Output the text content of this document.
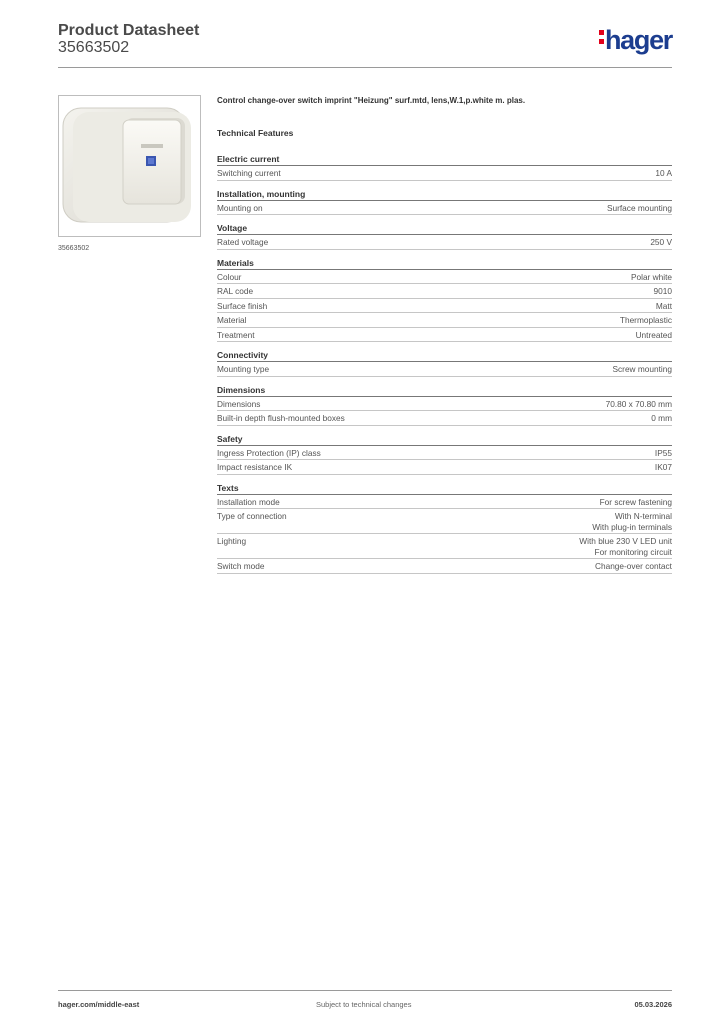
Product Datasheet
35663502	hager
35663502
Control change-over switch imprint "Heizung" surf.mtd, lens,W.1,p.white m. plas.
Technical Features
Electric current
Switching current	10 A
Installation, mounting
Mounting on	Surface mounting
Voltage
Rated voltage	250 V
Materials
Colour	Polar white
RAL code	9010
Surface finish	Matt
Material	Thermoplastic
Treatment	Untreated
Connectivity
Mounting type	Screw mounting
Dimensions
Dimensions	70.80 x 70.80 mm
Built-in depth flush-mounted boxes	0 mm
Safety
Ingress Protection (IP) class	IP55
Impact resistance IK	IK07
Texts
Installation mode	For screw fastening
Type of connection	With N-terminal
With plug-in terminals
Lighting	With blue 230 V LED unit
For monitoring circuit
Switch mode	Change-over contact
hager.com/middle-east	Subject to technical changes	05.03.2026
